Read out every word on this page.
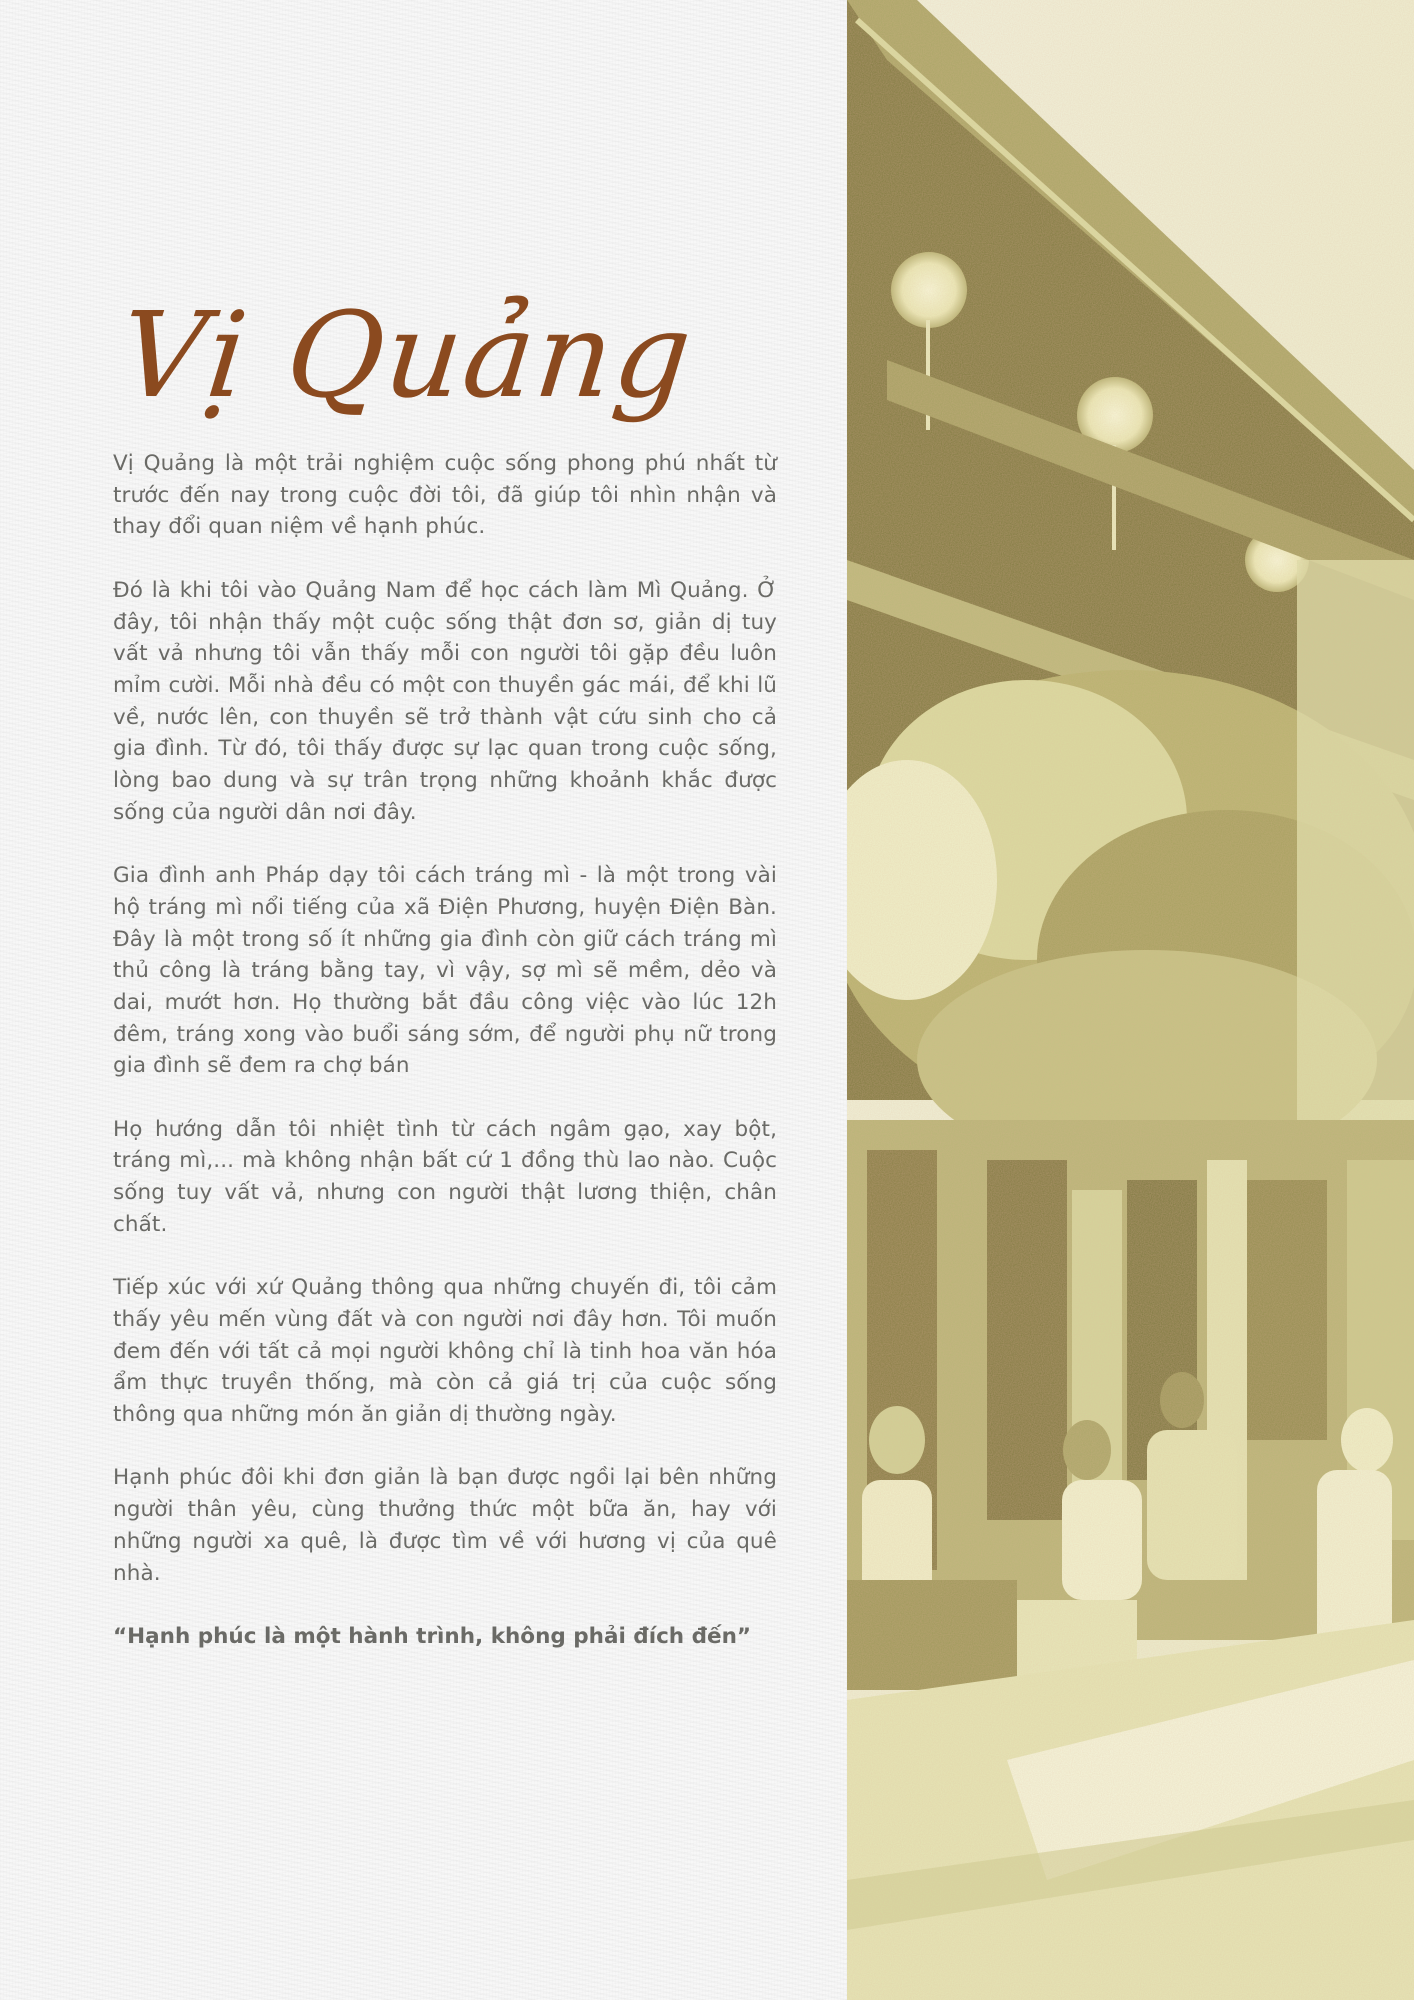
Vị Quảng

Vị Quảng là một trải nghiệm cuộc sống phong phú nhất từ trước đến nay trong cuộc đời tôi, đã giúp tôi nhìn nhận và thay đổi quan niệm về hạnh phúc.

Đó là khi tôi vào Quảng Nam để học cách làm Mì Quảng. Ở đây, tôi nhận thấy một cuộc sống thật đơn sơ, giản dị tuy vất vả nhưng tôi vẫn thấy mỗi con người tôi gặp đều luôn mỉm cười. Mỗi nhà đều có một con thuyền gác mái, để khi lũ về, nước lên, con thuyền sẽ trở thành vật cứu sinh cho cả gia đình. Từ đó, tôi thấy được sự lạc quan trong cuộc sống, lòng bao dung và sự trân trọng những khoảnh khắc được sống của người dân nơi đây.

Gia đình anh Pháp dạy tôi cách tráng mì - là một trong vài hộ tráng mì nổi tiếng của xã Điện Phương, huyện Điện Bàn. Đây là một trong số ít những gia đình còn giữ cách tráng mì thủ công là tráng bằng tay, vì vậy, sợ mì sẽ mềm, dẻo và dai, mướt hơn. Họ thường bắt đầu công việc vào lúc 12h đêm, tráng xong vào buổi sáng sớm, để người phụ nữ trong gia đình sẽ đem ra chợ bán

Họ hướng dẫn tôi nhiệt tình từ cách ngâm gạo, xay bột, tráng mì,... mà không nhận bất cứ 1 đồng thù lao nào. Cuộc sống tuy vất vả, nhưng con người thật lương thiện, chân chất.

Tiếp xúc với xứ Quảng thông qua những chuyến đi, tôi cảm thấy yêu mến vùng đất và con người nơi đây hơn. Tôi muốn đem đến với tất cả mọi người không chỉ là tinh hoa văn hóa ẩm thực truyền thống, mà còn cả giá trị của cuộc sống thông qua những món ăn giản dị thường ngày.

Hạnh phúc đôi khi đơn giản là bạn được ngồi lại bên những người thân yêu, cùng thưởng thức một bữa ăn, hay với những người xa quê, là được tìm về với hương vị của quê nhà.

“Hạnh phúc là một hành trình, không phải đích đến”
